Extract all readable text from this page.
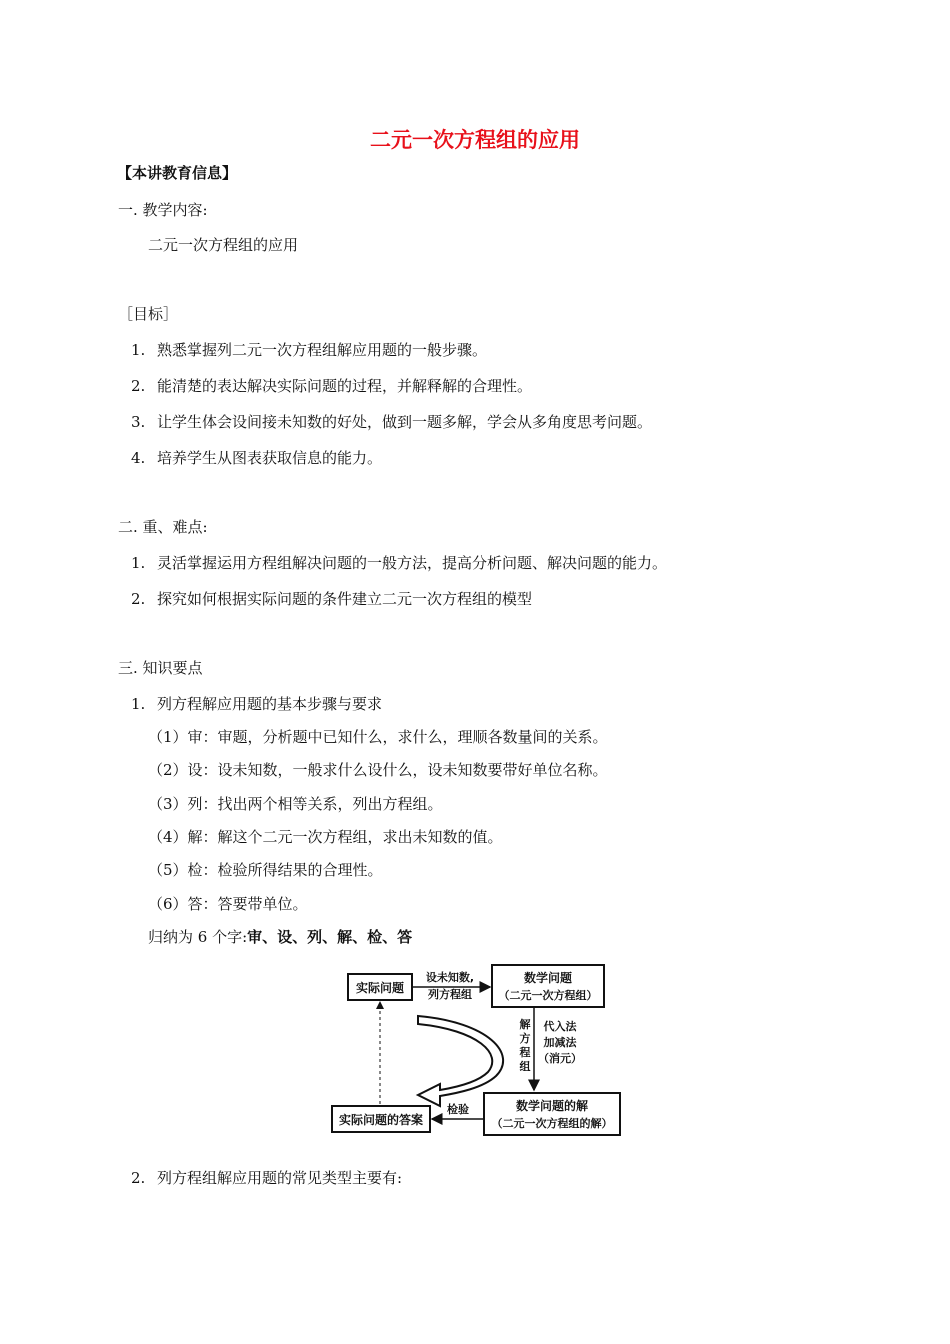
二元一次方程组的应用
【本讲教育信息】
一. 教学内容:
二元一次方程组的应用
［目标］
1. 熟悉掌握列二元一次方程组解应用题的一般步骤。
2. 能清楚的表达解决实际问题的过程，并解释解的合理性。
3. 让学生体会设间接未知数的好处，做到一题多解，学会从多角度思考问题。
4. 培养学生从图表获取信息的能力。
二. 重、难点:
1. 灵活掌握运用方程组解决问题的一般方法，提高分析问题、解决问题的能力。
2. 探究如何根据实际问题的条件建立二元一次方程组的模型
三. 知识要点
1. 列方程解应用题的基本步骤与要求
（1）审：审题，分析题中已知什么，求什么，理顺各数量间的关系。
（2）设：设未知数，一般求什么设什么，设未知数要带好单位名称。
（3）列：找出两个相等关系，列出方程组。
（4）解：解这个二元一次方程组，求出未知数的值。
（5）检：检验所得结果的合理性。
（6）答：答要带单位。
归纳为 6 个字:审、设、列、解、检、答
实际问题
数学问题
（二元一次方程组）
设未知数,
列方程组
解
方
程
组
代入法
加减法
（消元）
数学问题的解
（二元一次方程组的解）
实际问题的答案
检验
2. 列方程组解应用题的常见类型主要有:
